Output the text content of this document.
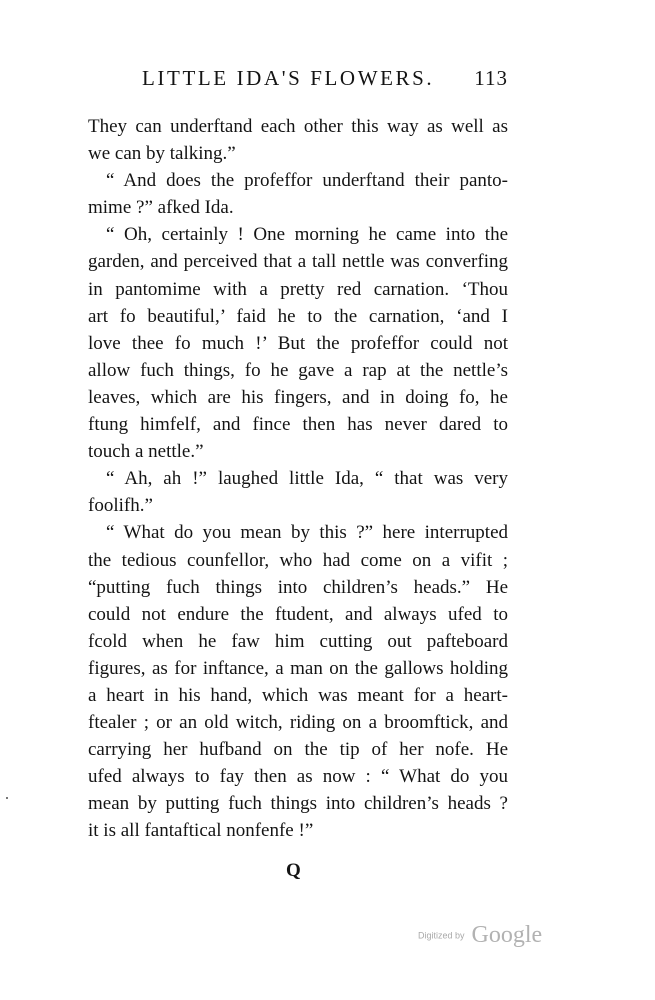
LITTLE IDA'S FLOWERS. 113
They can underftand each other this way as well as
we can by talking.”
“ And does the profeffor underftand their panto-
mime ?” afked Ida.
“ Oh, certainly ! One morning he came into the
garden, and perceived that a tall nettle was converfing
in pantomime with a pretty red carnation. ‘Thou
art fo beautiful,’ faid he to the carnation, ‘and I
love thee fo much !’ But the profeffor could not
allow fuch things, fo he gave a rap at the nettle’s
leaves, which are his fingers, and in doing fo, he
ftung himfelf, and fince then has never dared to
touch a nettle.”
“ Ah, ah !” laughed little Ida, “ that was very
foolifh.”
“ What do you mean by this ?” here interrupted
the tedious counfellor, who had come on a vifit ;
“putting fuch things into children’s heads.” He
could not endure the ftudent, and always ufed to
fcold when he faw him cutting out pafteboard
figures, as for inftance, a man on the gallows holding
a heart in his hand, which was meant for a heart-
ftealer ; or an old witch, riding on a broomftick, and
carrying her hufband on the tip of her nofe. He
ufed always to fay then as now : “ What do you
mean by putting fuch things into children’s heads ?
it is all fantaftical nonfenfe !”
Q
Digitized by Google
